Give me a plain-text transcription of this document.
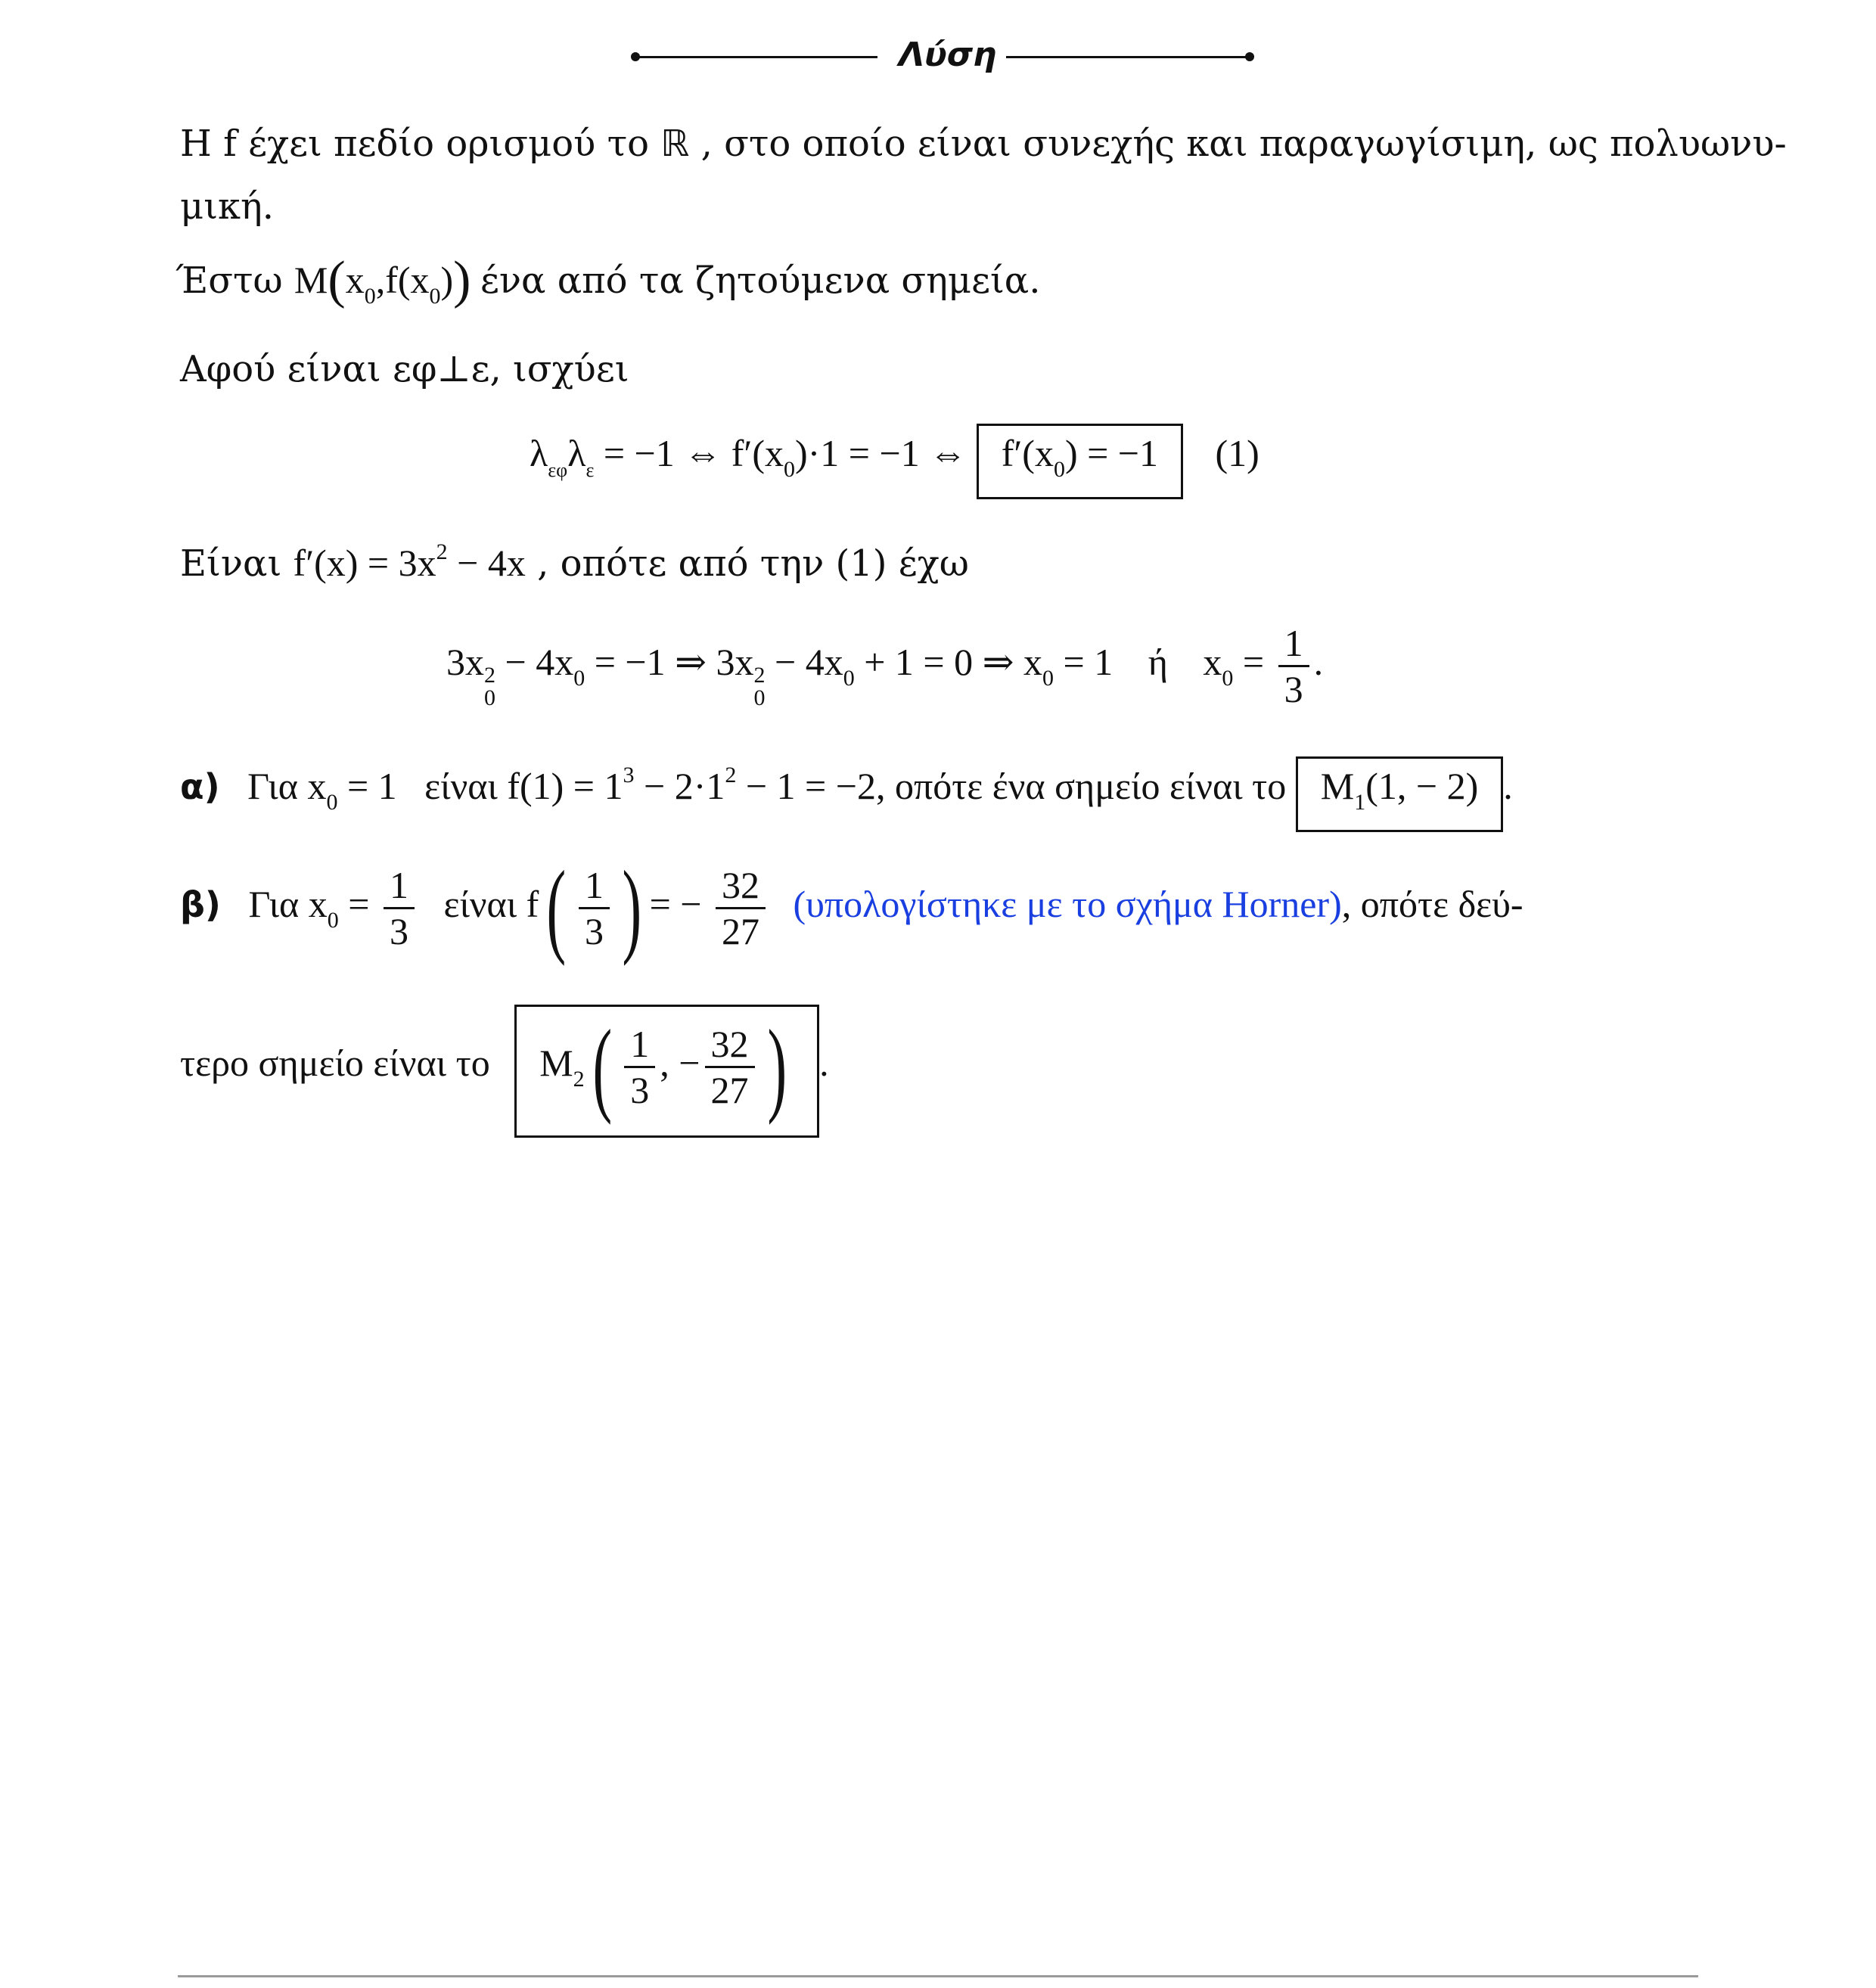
Λύση
Η f έχει πεδίο ορισμού το ℝ , στο οποίο είναι συνεχής και παραγωγίσιμη, ως πολυωνυ-
μική.
Έστω $M(x_0,f(x_0))$ ένα από τα ζητούμενα σημεία.
Αφού είναι εφ⊥ε, ισχύει
$\lambda_{\varepsilon\varphi}\lambda_\varepsilon = -1$ ⇔ $f'(x_0)\cdot 1 = -1$ ⇔ $f'(x_0) = -1$ (1)
Είναι $f'(x) = 3x^2 - 4x$ , οπότε από την (1) έχω
3x 2
0
− $4x_0 = -1$ ⇒ 3x 2
0
− $4x_0 + 1 = 0$ ⇒ $x_0 = 1$ ή $x_0 = \frac{1}{3}$ .
α) Για $x_0 = 1$ είναι $f(1) = 1^3 - 2\cdot 1^2 - 1 = -2$, οπότε ένα σημείο είναι το $M_1(1$, − 2) .
β) Για $x_0 = \frac{1}{3}$ είναι $f( \frac{1}{3}$ ) = − $\frac{32}{27} (\upsilon\pi o\lambda o\gamma ί\sigma\tau\eta\kappa\varepsilon$ με το σχήμα Horner), οπότε δεύ-
τερο σημείο είναι το $M_2( \frac{1}{3}$ , − $\frac{32}{27}$ ) .
